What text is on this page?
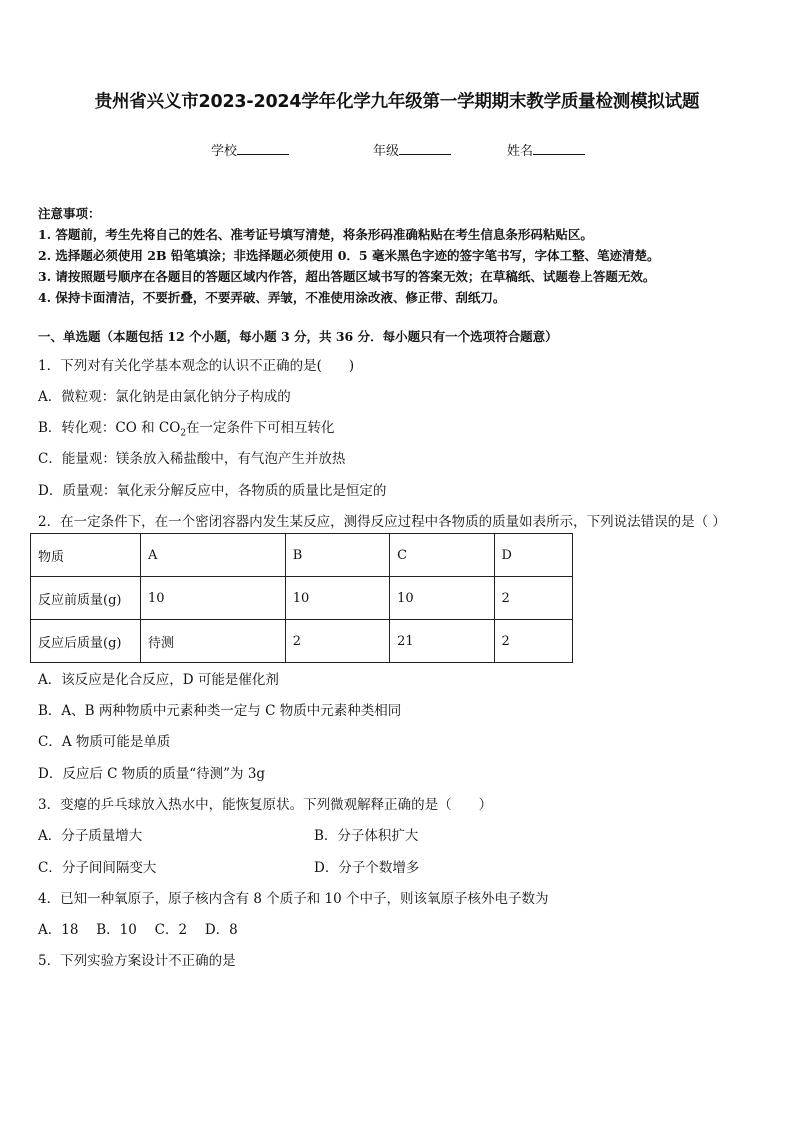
贵州省兴义市2023-2024学年化学九年级第一学期期末教学质量检测模拟试题
学校	年级	姓名
注意事项：
1. 答题前，考生先将自己的姓名、准考证号填写清楚，将条形码准确粘贴在考生信息条形码粘贴区。
2. 选择题必须使用 2B 铅笔填涂；非选择题必须使用 0．5 毫米黑色字迹的签字笔书写，字体工整、笔迹清楚。
3. 请按照题号顺序在各题目的答题区域内作答，超出答题区域书写的答案无效；在草稿纸、试题卷上答题无效。
4. 保持卡面清洁，不要折叠，不要弄破、弄皱，不准使用涂改液、修正带、刮纸刀。
一、单选题（本题包括 12 个小题，每小题 3 分，共 36 分．每小题只有一个选项符合题意）
1．下列对有关化学基本观念的认识不正确的是(　　)
A．微粒观：氯化钠是由氯化钠分子构成的
B．转化观：CO 和 $CO_2$在一定条件下可相互转化
C．能量观：镁条放入稀盐酸中，有气泡产生并放热
D．质量观：氧化汞分解反应中，各物质的质量比是恒定的
2．在一定条件下，在一个密闭容器内发生某反应，测得反应过程中各物质的质量如表所示，下列说法错误的是（ ）
物质	A	B	C	D
反应前质量(g)	10	10	10	2
反应后质量(g)	待测	2	21	2
A．该反应是化合反应，D 可能是催化剂
B．A、B 两种物质中元素种类一定与 C 物质中元素种类相同
C．A 物质可能是单质
D．反应后 C 物质的质量“待测”为 3g
3．变瘪的乒乓球放入热水中，能恢复原状。下列微观解释正确的是（　　）
A．分子质量增大	B．分子体积扩大
C．分子间间隔变大	D．分子个数增多
4．已知一种氧原子，原子核内含有 8 个质子和 10 个中子，则该氧原子核外电子数为
A．18　 B．10　 C．2　 D．8
5．下列实验方案设计不正确的是
